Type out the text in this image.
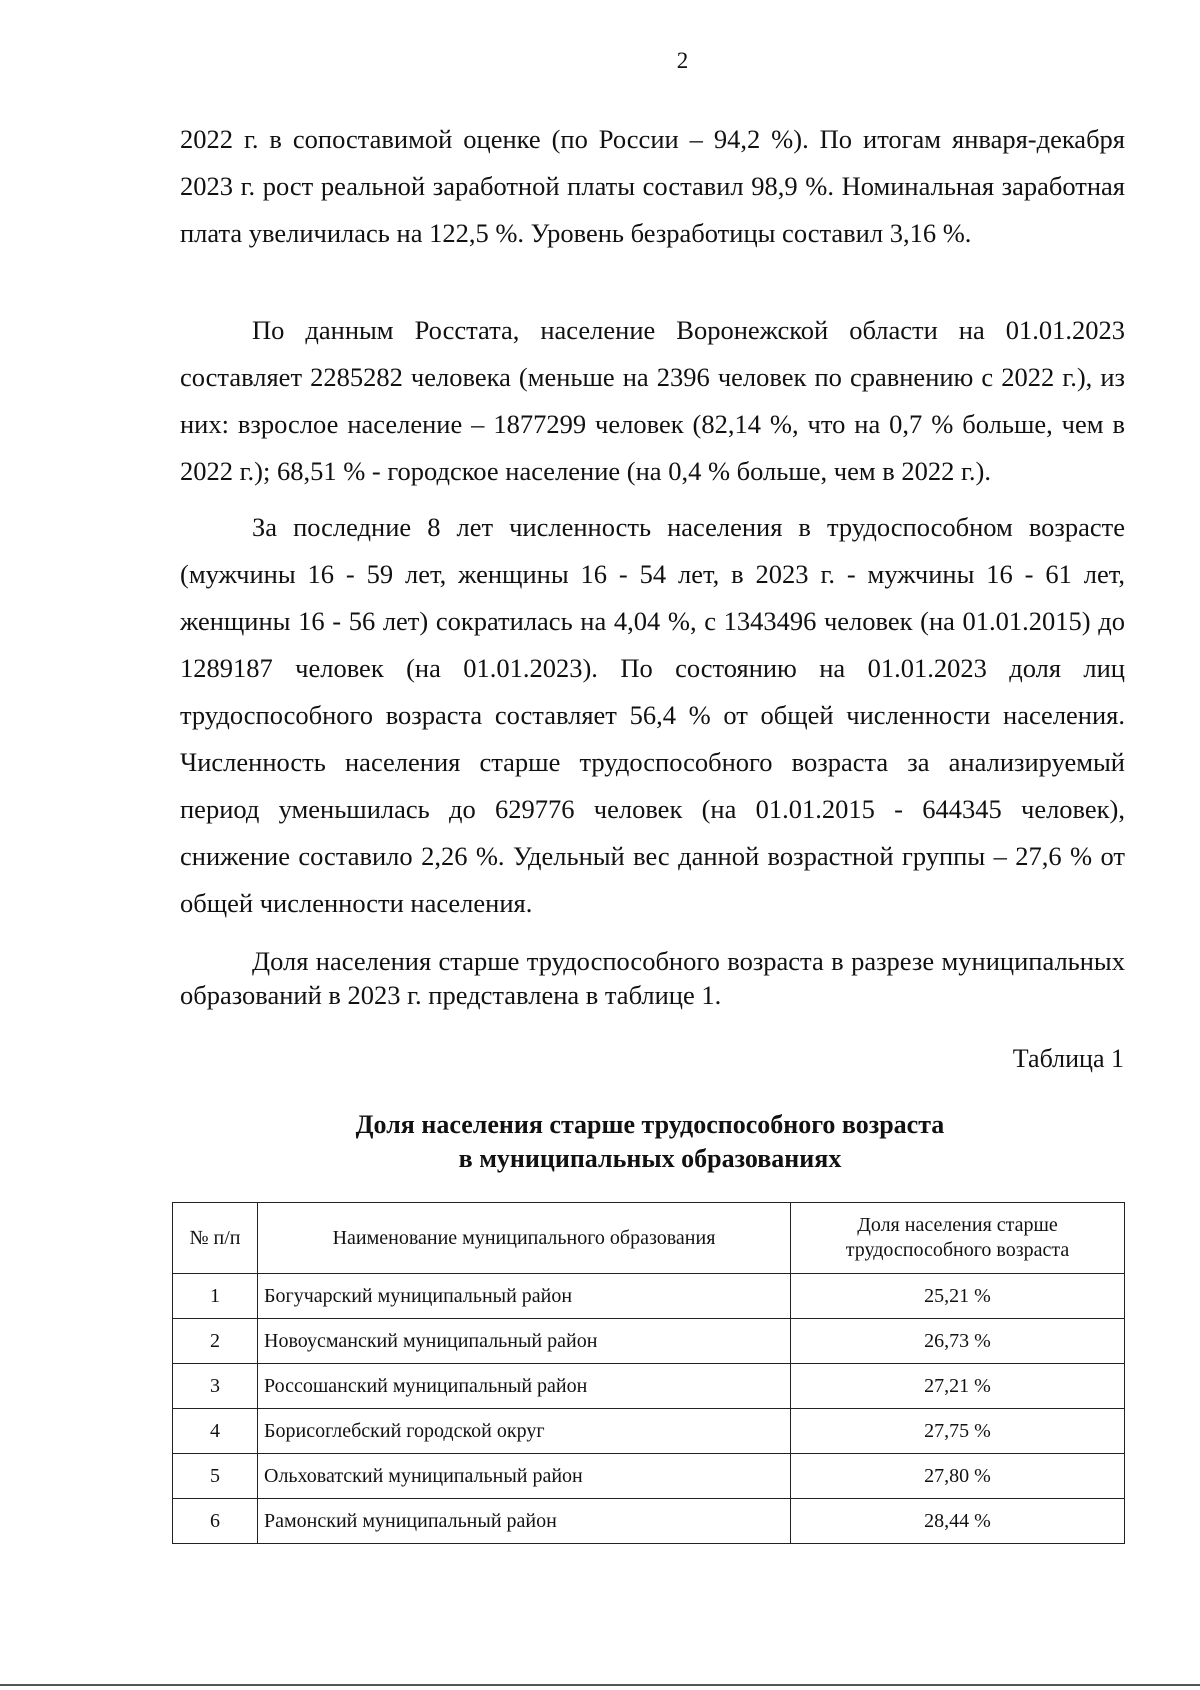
2

2022 г. в сопоставимой оценке (по России – 94,2 %). По итогам января-декабря 2023 г. рост реальной заработной платы составил 98,9 %. Номинальная заработная плата увеличилась на 122,5 %. Уровень безработицы составил 3,16 %.

По данным Росстата, население Воронежской области на 01.01.2023 составляет 2285282 человека (меньше на 2396 человек по сравнению с 2022 г.), из них: взрослое население – 1877299 человек (82,14 %, что на 0,7 % больше, чем в 2022 г.); 68,51 % - городское население (на 0,4 % больше, чем в 2022 г.).

За последние 8 лет численность населения в трудоспособном возрасте (мужчины 16 - 59 лет, женщины 16 - 54 лет, в 2023 г. - мужчины 16 - 61 лет, женщины 16 - 56 лет) сократилась на 4,04 %, с 1343496 человек (на 01.01.2015) до 1289187 человек (на 01.01.2023). По состоянию на 01.01.2023 доля лиц трудоспособного возраста составляет 56,4 % от общей численности населения. Численность населения старше трудоспособного возраста за анализируемый период уменьшилась до 629776 человек (на 01.01.2015 - 644345 человек), снижение составило 2,26 %. Удельный вес данной возрастной группы – 27,6 % от общей численности населения.

Доля населения старше трудоспособного возраста в разрезе муниципальных образований в 2023 г. представлена в таблице 1.

Таблица 1
Доля населения старше трудоспособного возраста
в муниципальных образованиях
№ п/п	Наименование муниципального образования	Доля населения старше трудоспособного возраста
1	Богучарский муниципальный район	25,21 %
2	Новоусманский муниципальный район	26,73 %
3	Россошанский муниципальный район	27,21 %
4	Борисоглебский городской округ	27,75 %
5	Ольховатский муниципальный район	27,80 %
6	Рамонский муниципальный район	28,44 %
